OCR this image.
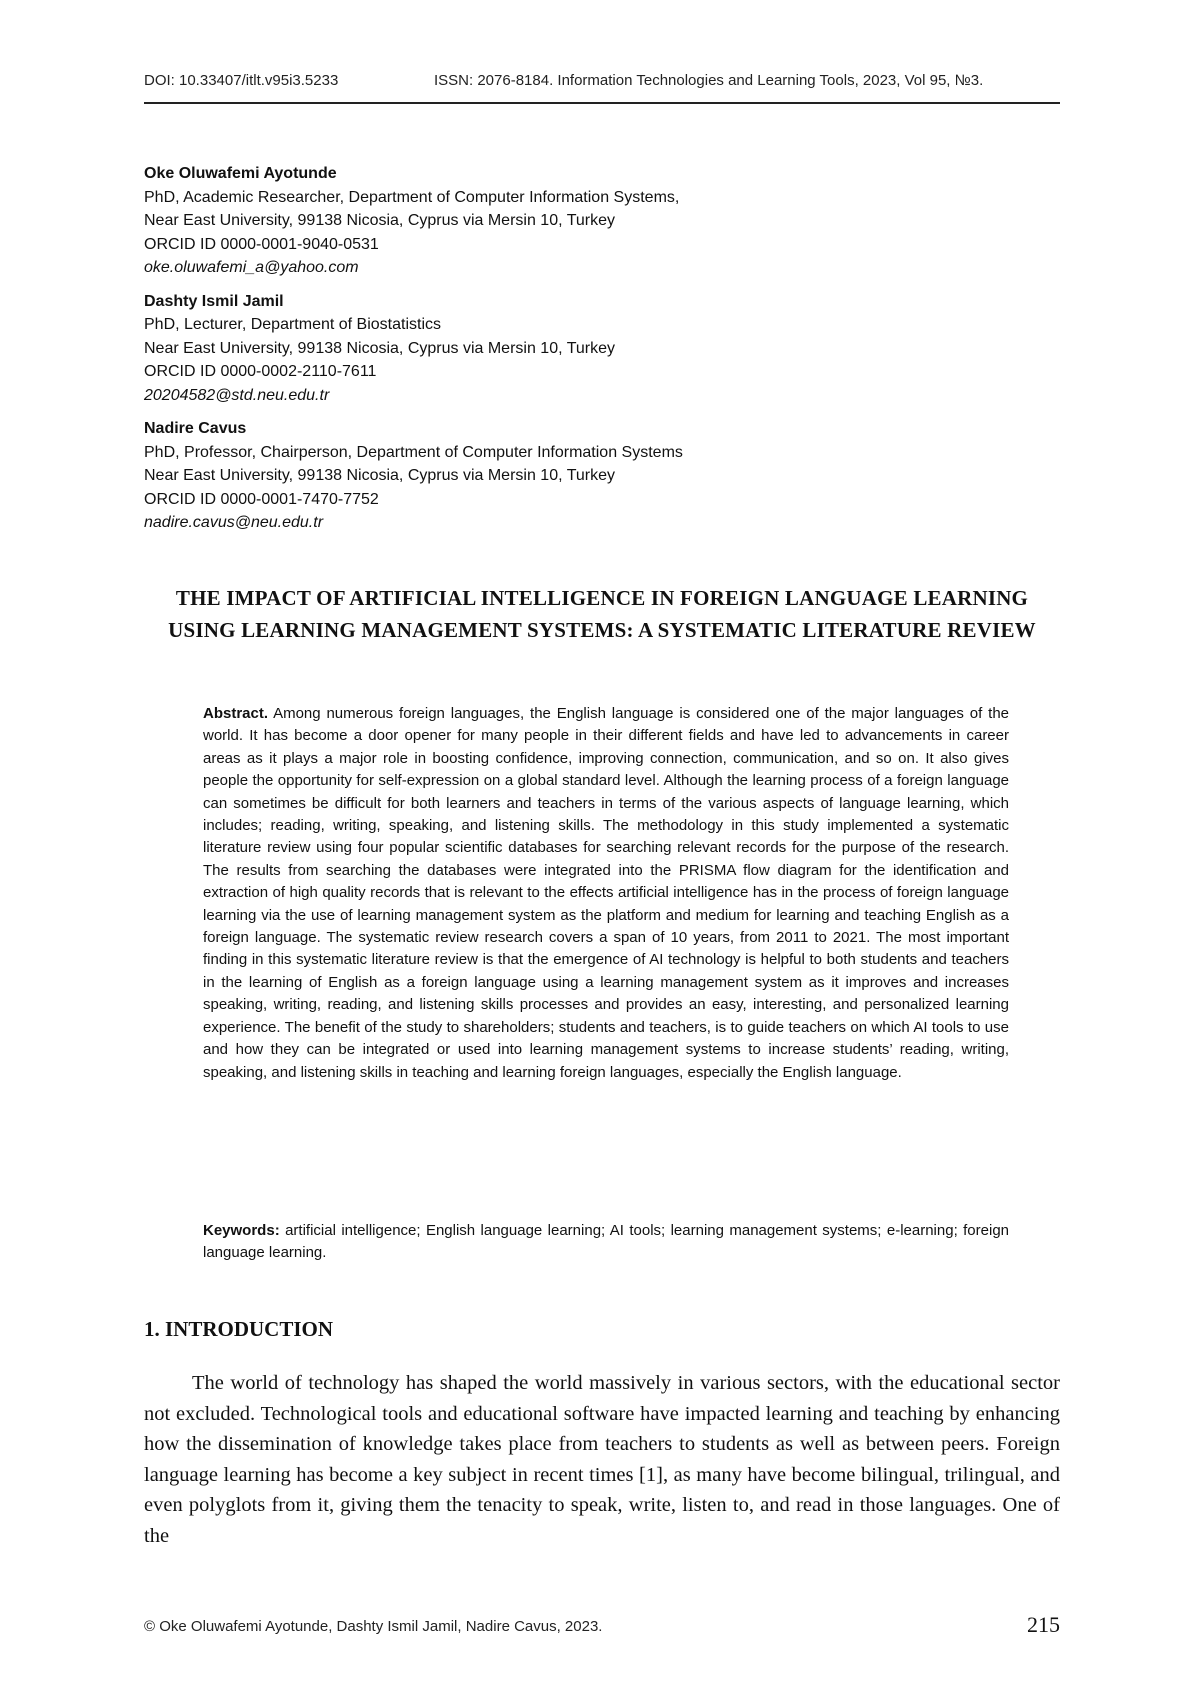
DOI: 10.33407/itlt.v95i3.5233	ISSN: 2076-8184. Information Technologies and Learning Tools, 2023, Vol 95, №3.
Oke Oluwafemi Ayotunde
PhD, Academic Researcher, Department of Computer Information Systems,
Near East University, 99138 Nicosia, Cyprus via Mersin 10, Turkey
ORCID ID 0000-0001-9040-0531
oke.oluwafemi_a@yahoo.com
Dashty Ismil Jamil
PhD, Lecturer, Department of Biostatistics
Near East University, 99138 Nicosia, Cyprus via Mersin 10, Turkey
ORCID ID 0000-0002-2110-7611
20204582@std.neu.edu.tr
Nadire Cavus
PhD, Professor, Chairperson, Department of Computer Information Systems
Near East University, 99138 Nicosia, Cyprus via Mersin 10, Turkey
ORCID ID 0000-0001-7470-7752
nadire.cavus@neu.edu.tr
THE IMPACT OF ARTIFICIAL INTELLIGENCE IN FOREIGN LANGUAGE LEARNING USING LEARNING MANAGEMENT SYSTEMS: A SYSTEMATIC LITERATURE REVIEW
Abstract. Among numerous foreign languages, the English language is considered one of the major languages of the world. It has become a door opener for many people in their different fields and have led to advancements in career areas as it plays a major role in boosting confidence, improving connection, communication, and so on. It also gives people the opportunity for self-expression on a global standard level. Although the learning process of a foreign language can sometimes be difficult for both learners and teachers in terms of the various aspects of language learning, which includes; reading, writing, speaking, and listening skills. The methodology in this study implemented a systematic literature review using four popular scientific databases for searching relevant records for the purpose of the research. The results from searching the databases were integrated into the PRISMA flow diagram for the identification and extraction of high quality records that is relevant to the effects artificial intelligence has in the process of foreign language learning via the use of learning management system as the platform and medium for learning and teaching English as a foreign language. The systematic review research covers a span of 10 years, from 2011 to 2021. The most important finding in this systematic literature review is that the emergence of AI technology is helpful to both students and teachers in the learning of English as a foreign language using a learning management system as it improves and increases speaking, writing, reading, and listening skills processes and provides an easy, interesting, and personalized learning experience. The benefit of the study to shareholders; students and teachers, is to guide teachers on which AI tools to use and how they can be integrated or used into learning management systems to increase students’ reading, writing, speaking, and listening skills in teaching and learning foreign languages, especially the English language.
Keywords: artificial intelligence; English language learning; AI tools; learning management systems; e-learning; foreign language learning.
1. INTRODUCTION
The world of technology has shaped the world massively in various sectors, with the educational sector not excluded. Technological tools and educational software have impacted learning and teaching by enhancing how the dissemination of knowledge takes place from teachers to students as well as between peers. Foreign language learning has become a key subject in recent times [1], as many have become bilingual, trilingual, and even polyglots from it, giving them the tenacity to speak, write, listen to, and read in those languages. One of the
© Oke Oluwafemi Ayotunde, Dashty Ismil Jamil, Nadire Cavus, 2023.	215
